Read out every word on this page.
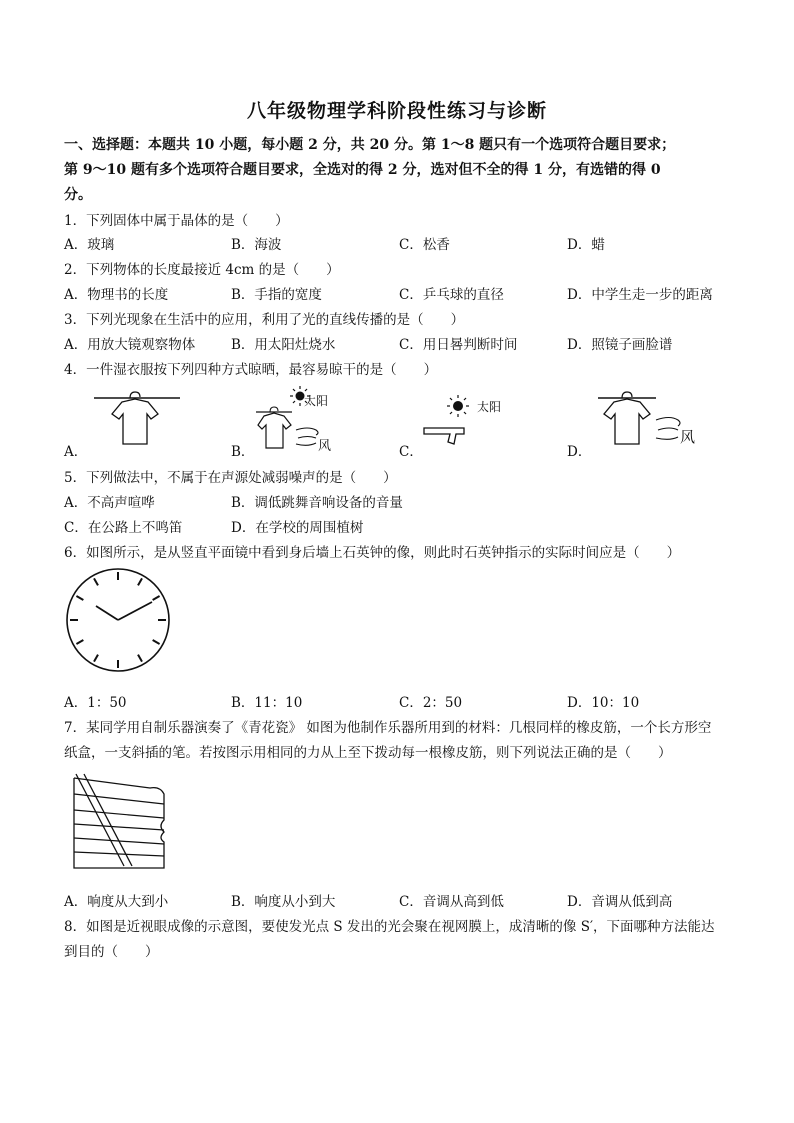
八年级物理学科阶段性练习与诊断
一、选择题：本题共 10 小题，每小题 2 分，共 20 分。第 1～8 题只有一个选项符合题目要求；
第 9～10 题有多个选项符合题目要求，全选对的得 2 分，选对但不全的得 1 分，有选错的得 0
分。
1．下列固体中属于晶体的是（　　）
A．玻璃	B．海波	C．松香	D．蜡
2．下列物体的长度最接近 4cm 的是（　　）
A．物理书的长度	B．手指的宽度	C．乒乓球的直径	D．中学生走一步的距离
3．下列光现象在生活中的应用，利用了光的直线传播的是（　　）
A．用放大镜观察物体	B．用太阳灶烧水	C．用日晷判断时间	D．照镜子画脸谱
4．一件湿衣服按下列四种方式晾晒，最容易晾干的是（　　）
A．
太阳
风
B．
太阳
C．
风
D．
5．下列做法中，不属于在声源处减弱噪声的是（　　）
A．不高声喧哗	B．调低跳舞音响设备的音量
C．在公路上不鸣笛	D．在学校的周围植树
6．如图所示，是从竖直平面镜中看到身后墙上石英钟的像，则此时石英钟指示的实际时间应是（　　）
A．1：50	B．11：10	C．2：50	D．10：10
7．某同学用自制乐器演奏了《青花瓷》 如图为他制作乐器所用到的材料：几根同样的橡皮筋，一个长方形空
纸盒，一支斜插的笔。若按图示用相同的力从上至下拨动每一根橡皮筋，则下列说法正确的是（　　）
A．响度从大到小	B．响度从小到大	C．音调从高到低	D．音调从低到高
8．如图是近视眼成像的示意图，要使发光点 S 发出的光会聚在视网膜上，成清晰的像 S′，下面哪种方法能达
到目的（　　）
